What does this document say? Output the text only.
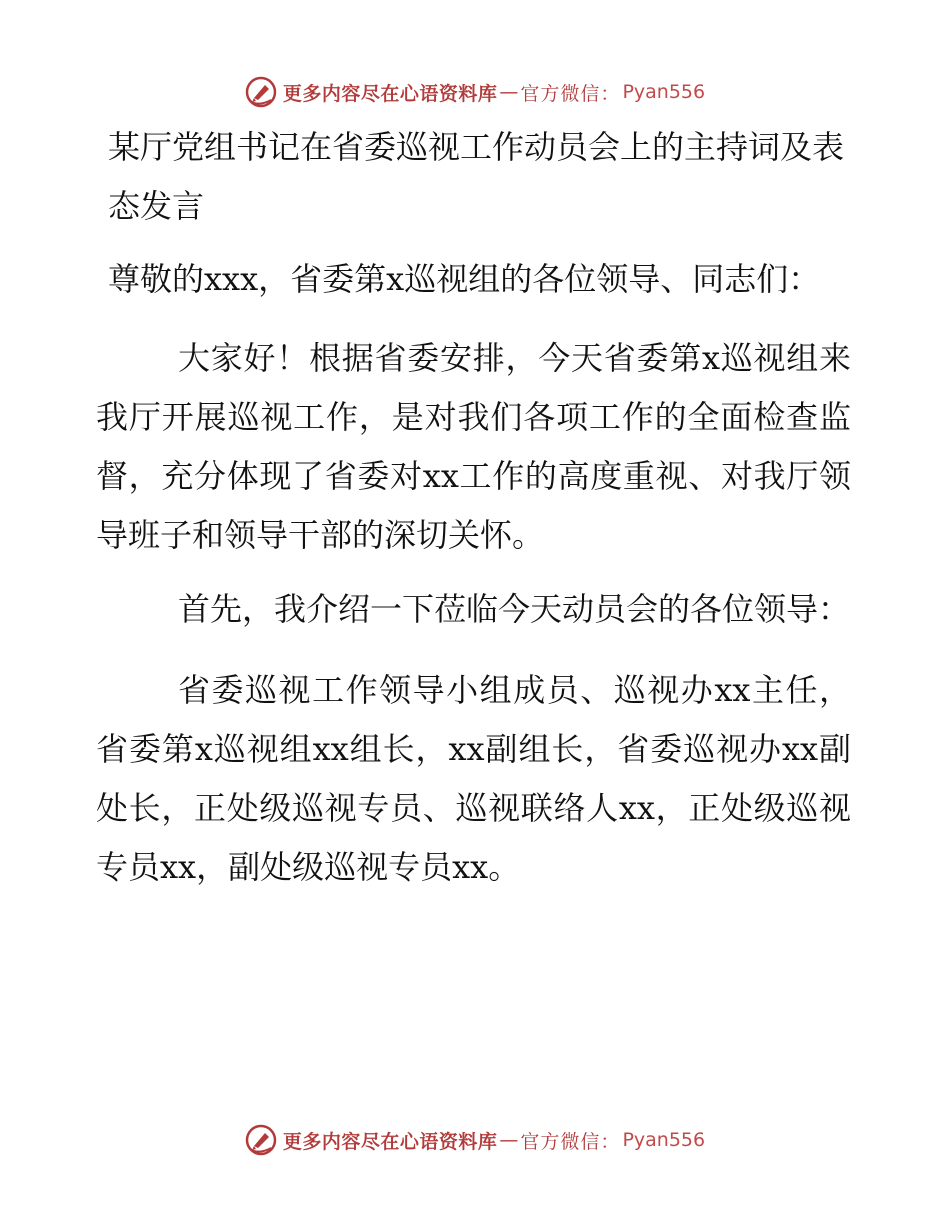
更多内容尽在心语资料库 — 官方微信： Pyan556

某厅党组书记在省委巡视工作动员会上的主持词及表态发言

尊敬的xxx，省委第x巡视组的各位领导、同志们：

大家好！根据省委安排，今天省委第x巡视组来我厅开展巡视工作，是对我们各项工作的全面检查监督，充分体现了省委对xx工作的高度重视、对我厅领导班子和领导干部的深切关怀。

首先，我介绍一下莅临今天动员会的各位领导：

省委巡视工作领导小组成员、巡视办xx主任，省委第x巡视组xx组长，xx副组长，省委巡视办xx副处长，正处级巡视专员、巡视联络人xx，正处级巡视专员xx，副处级巡视专员xx。

更多内容尽在心语资料库 — 官方微信： Pyan556
